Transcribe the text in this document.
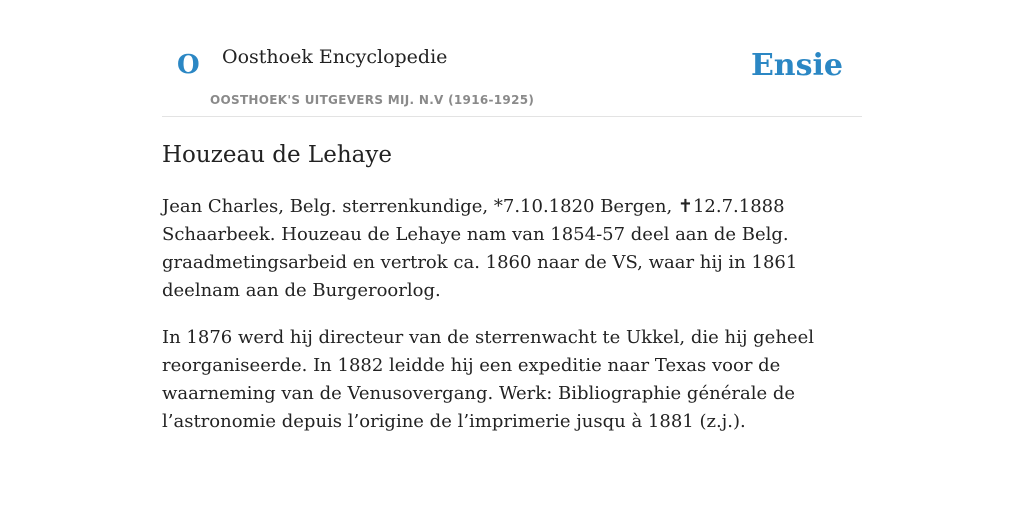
O Oosthoek Encyclopedie
OOSTHOEK'S UITGEVERS MIJ. N.V (1916-1925)
Ensie
Houzeau de Lehaye

Jean Charles, Belg. sterrenkundige, *7.10.1820 Bergen, ✝12.7.1888 Schaarbeek. Houzeau de Lehaye nam van 1854-57 deel aan de Belg. graadmetingsarbeid en vertrok ca. 1860 naar de VS, waar hij in 1861 deelnam aan de Burgeroorlog.

In 1876 werd hij directeur van de sterrenwacht te Ukkel, die hij geheel reorganiseerde. In 1882 leidde hij een expeditie naar Texas voor de waarneming van de Venusovergang. Werk: Bibliographie générale de l’astronomie depuis l’origine de l’imprimerie jusqu à 1881 (z.j.).
